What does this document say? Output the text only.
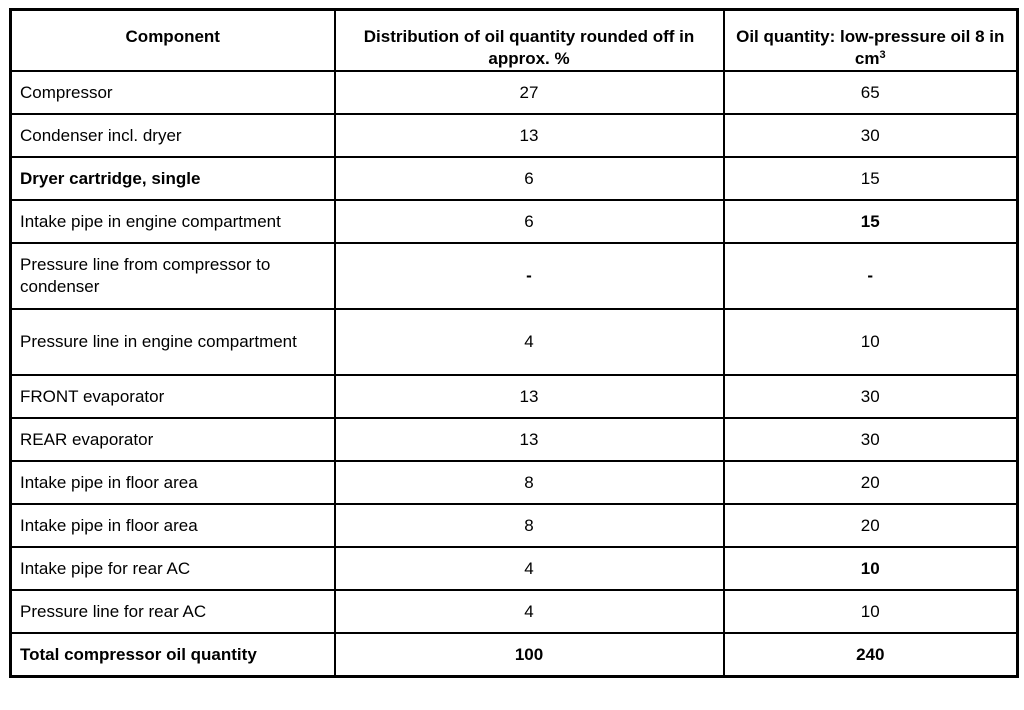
Component	Distribution of oil quantity rounded off in approx. %	Oil quantity: low-pressure oil 8 in $cm^3$
Compressor	27	65
Condenser incl. dryer	13	30
Dryer cartridge, single	6	15
Intake pipe in engine compartment	6	15
Pressure line from compressor to condenser	-	-
Pressure line in engine compartment	4	10
FRONT evaporator	13	30
REAR evaporator	13	30
Intake pipe in floor area	8	20
Intake pipe in floor area	8	20
Intake pipe for rear AC	4	10
Pressure line for rear AC	4	10
Total compressor oil quantity	100	240
